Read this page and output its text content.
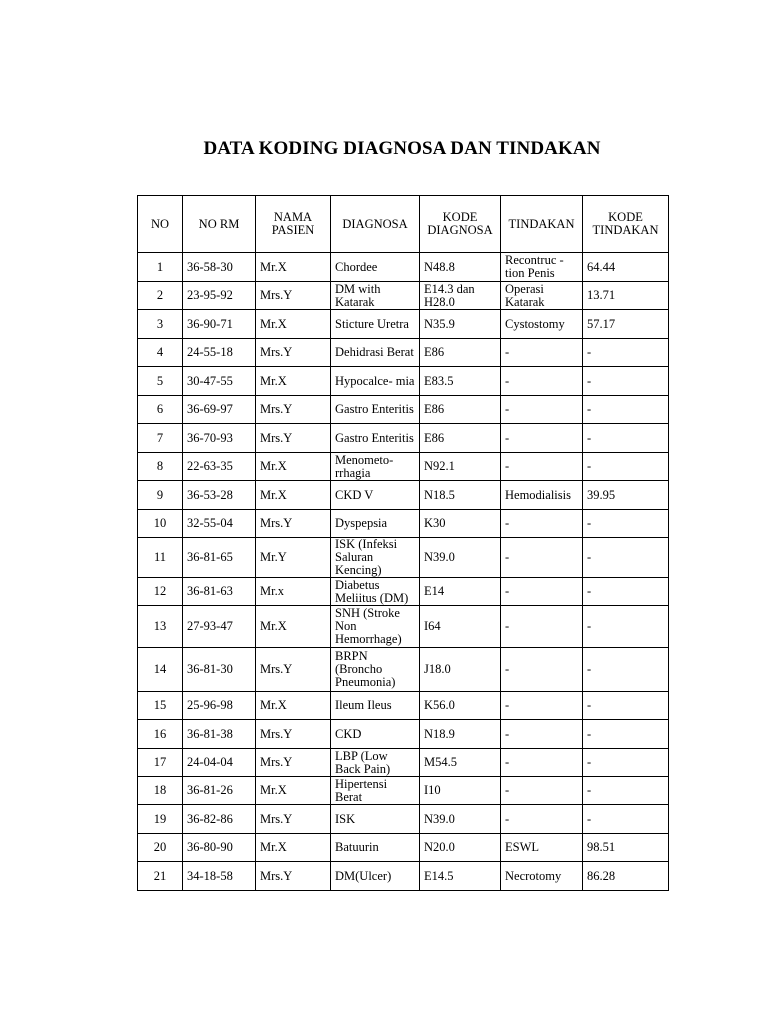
DATA KODING DIAGNOSA DAN TINDAKAN
NO	NO RM	NAMA PASIEN	DIAGNOSA	KODE DIAGNOSA	TINDAKAN	KODE TINDAKAN
1	36-58-30	Mr.X	Chordee	N48.8	Recontruc - tion Penis	64.44
2	23-95-92	Mrs.Y	DM with Katarak	E14.3 dan H28.0	Operasi Katarak	13.71
3	36-90-71	Mr.X	Sticture Uretra	N35.9	Cystostomy	57.17
4	24-55-18	Mrs.Y	Dehidrasi Berat	E86	-	-
5	30-47-55	Mr.X	Hypocalce- mia	E83.5	-	-
6	36-69-97	Mrs.Y	Gastro Enteritis	E86	-	-
7	36-70-93	Mrs.Y	Gastro Enteritis	E86	-	-
8	22-63-35	Mr.X	Menometo- rrhagia	N92.1	-	-
9	36-53-28	Mr.X	CKD V	N18.5	Hemodialisis	39.95
10	32-55-04	Mrs.Y	Dyspepsia	K30	-	-
11	36-81-65	Mr.Y	ISK (Infeksi Saluran Kencing)	N39.0	-	-
12	36-81-63	Mr.x	Diabetus Meliitus (DM)	E14	-	-
13	27-93-47	Mr.X	SNH (Stroke Non Hemorrhage)	I64	-	-
14	36-81-30	Mrs.Y	BRPN (Broncho Pneumonia)	J18.0	-	-
15	25-96-98	Mr.X	Ileum Ileus	K56.0	-	-
16	36-81-38	Mrs.Y	CKD	N18.9	-	-
17	24-04-04	Mrs.Y	LBP (Low Back Pain)	M54.5	-	-
18	36-81-26	Mr.X	Hipertensi Berat	I10	-	-
19	36-82-86	Mrs.Y	ISK	N39.0	-	-
20	36-80-90	Mr.X	Batuurin	N20.0	ESWL	98.51
21	34-18-58	Mrs.Y	DM(Ulcer)	E14.5	Necrotomy	86.28
